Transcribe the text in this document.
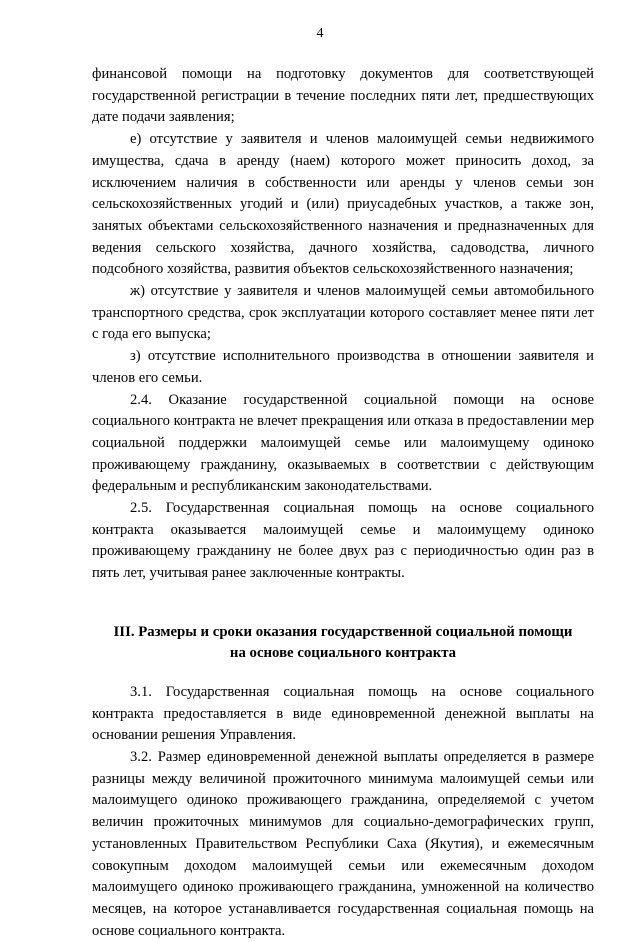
4

финансовой помощи на подготовку документов для соответствующей государственной регистрации в течение последних пяти лет, предшествующих дате подачи заявления;

е) отсутствие у заявителя и членов малоимущей семьи недвижимого имущества, сдача в аренду (наем) которого может приносить доход, за исключением наличия в собственности или аренды у членов семьи зон сельскохозяйственных угодий и (или) приусадебных участков, а также зон, занятых объектами сельскохозяйственного назначения и предназначенных для ведения сельского хозяйства, дачного хозяйства, садоводства, личного подсобного хозяйства, развития объектов сельскохозяйственного назначения;

ж) отсутствие у заявителя и членов малоимущей семьи автомобильного транспортного средства, срок эксплуатации которого составляет менее пяти лет с года его выпуска;

з) отсутствие исполнительного производства в отношении заявителя и членов его семьи.

2.4. Оказание государственной социальной помощи на основе социального контракта не влечет прекращения или отказа в предоставлении мер социальной поддержки малоимущей семье или малоимущему одиноко проживающему гражданину, оказываемых в соответствии с действующим федеральным и республиканским законодательствами.

2.5. Государственная социальная помощь на основе социального контракта оказывается малоимущей семье и малоимущему одиноко проживающему гражданину не более двух раз с периодичностью один раз в пять лет, учитывая ранее заключенные контракты.

III. Размеры и сроки оказания государственной социальной помощи
на основе социального контракта

3.1. Государственная социальная помощь на основе социального контракта предоставляется в виде единовременной денежной выплаты на основании решения Управления.

3.2. Размер единовременной денежной выплаты определяется в размере разницы между величиной прожиточного минимума малоимущей семьи или малоимущего одиноко проживающего гражданина, определяемой с учетом величин прожиточных минимумов для социально-демографических групп, установленных Правительством Республики Саха (Якутия), и ежемесячным совокупным доходом малоимущей семьи или ежемесячным доходом малоимущего одиноко проживающего гражданина, умноженной на количество месяцев, на которое устанавливается государственная социальная помощь на основе социального контракта.
